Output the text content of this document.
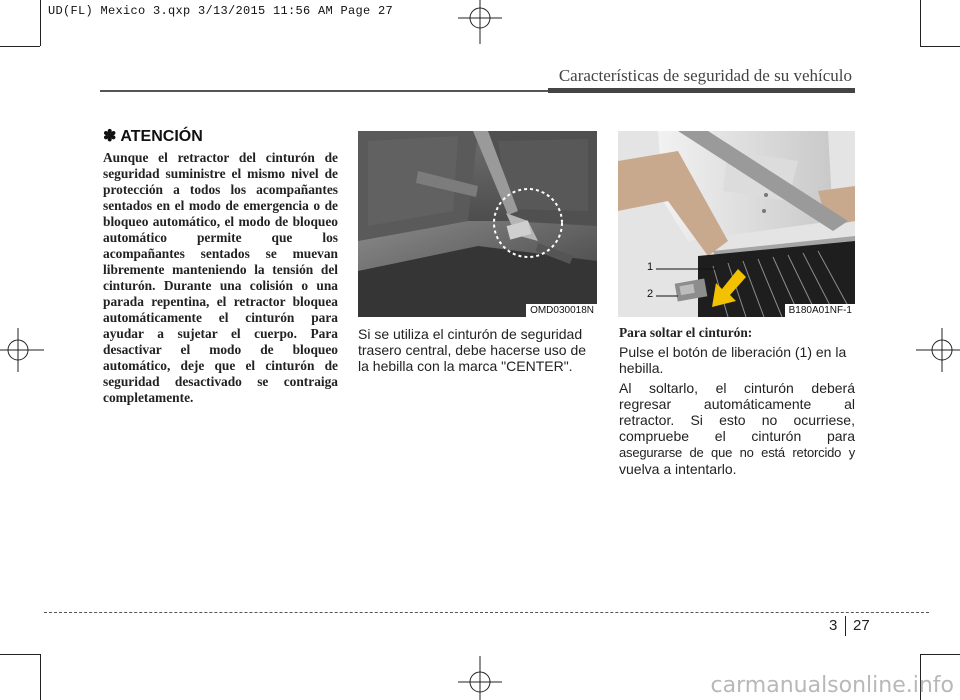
UD(FL) Mexico 3.qxp 3/13/2015 11:56 AM Page 27
Características de seguridad de su vehículo
✽ ATENCIÓN
Aunque el retractor del cinturón de seguridad suministre el mismo nivel de protección a todos los acompañantes sentados en el modo de emergencia o de bloqueo automático, el modo de bloqueo automático permite que los acompañantes sentados se muevan libremente manteniendo la tensión del cinturón. Durante una colisión o una parada repentina, el retractor bloquea automáticamente el cinturón para ayudar a sujetar el cuerpo. Para desactivar el modo de bloqueo automático, deje que el cinturón de seguridad desactivado se contraiga completamente.
OMD030018N
Si se utiliza el cinturón de seguridad trasero central, debe hacerse uso de la hebilla con la marca "CENTER".
1
2
B180A01NF-1
Para soltar el cinturón:
Pulse el botón de liberación (1) en la hebilla.
Al soltarlo, el cinturón deberá regresar automáticamente al retractor. Si esto no ocurriese, compruebe el cinturón para asegurarse de que no está retorcido y vuelva a intentarlo.
3 27
carmanualsonline.info
